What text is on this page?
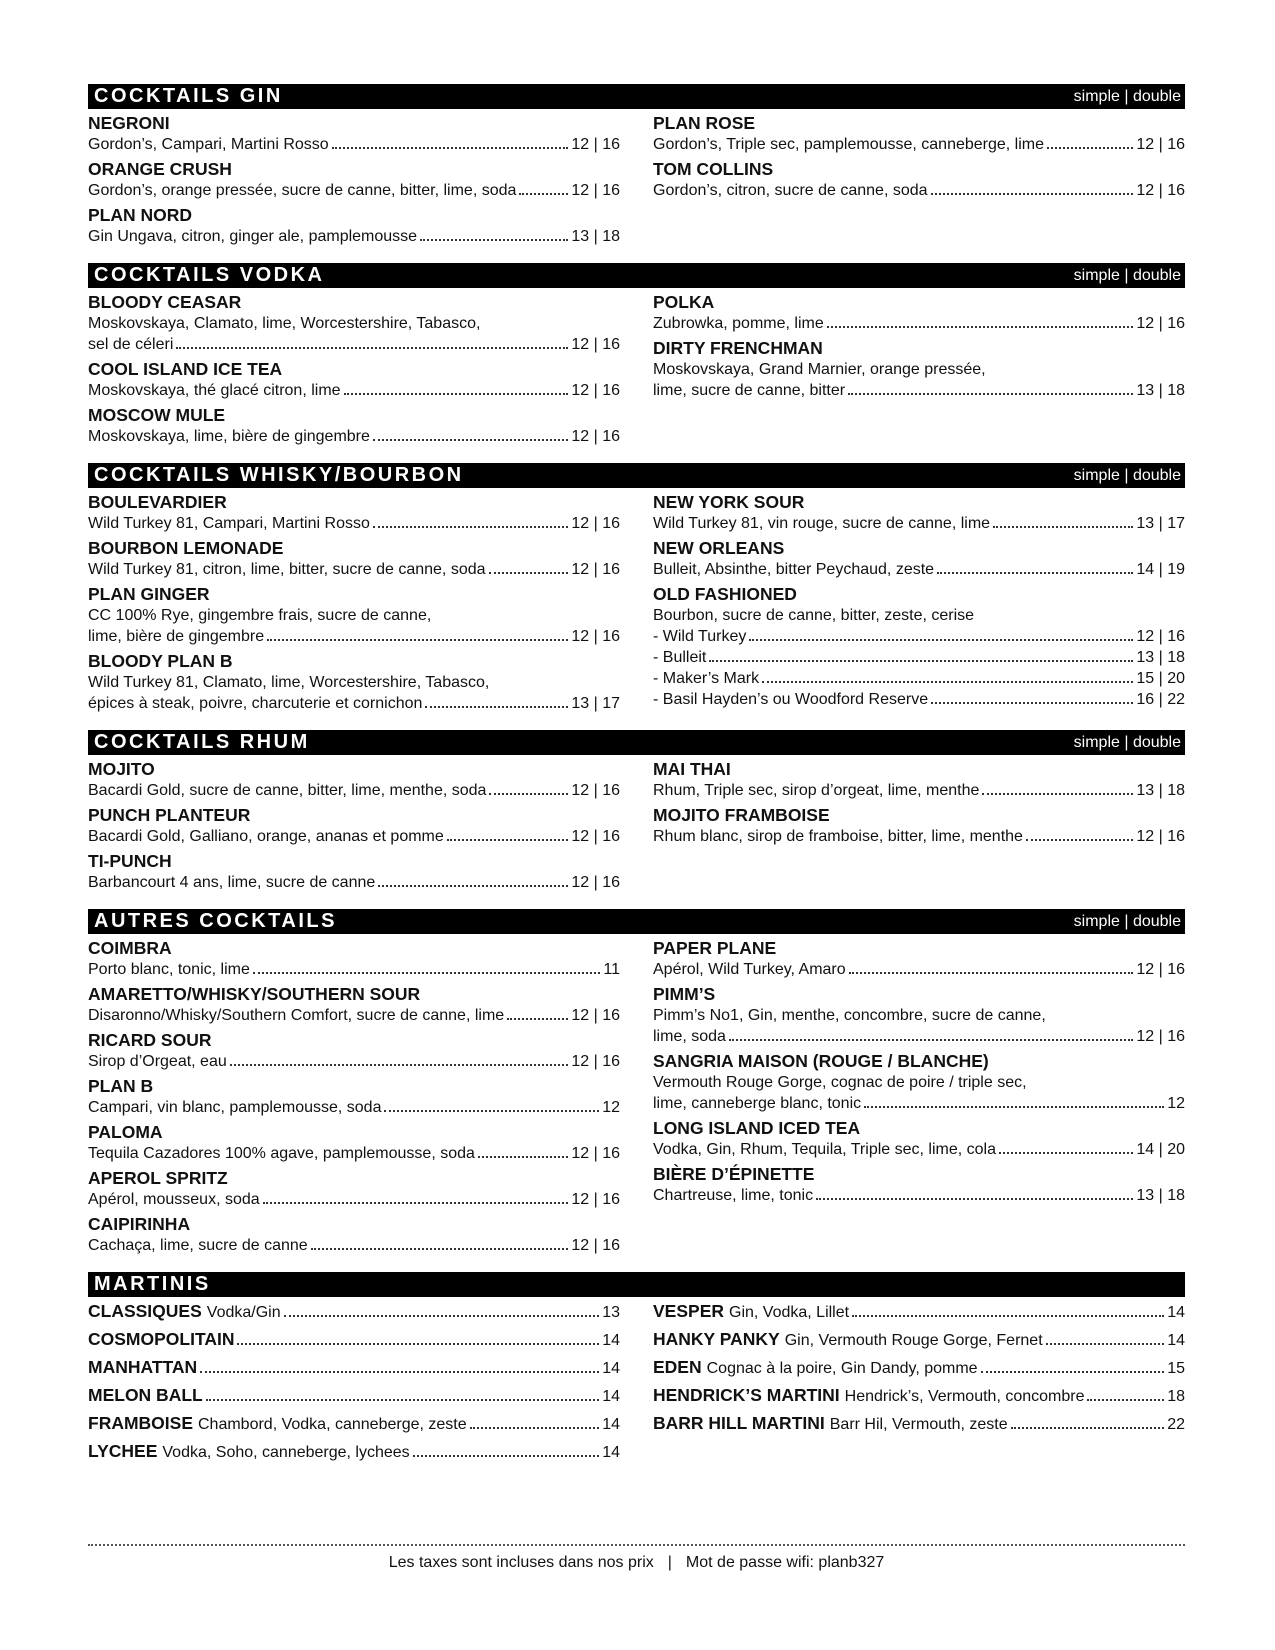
COCKTAILS GIN	simple | double
NEGRONI
Gordon’s, Campari, Martini Rosso	12 | 16
ORANGE CRUSH
Gordon’s, orange pressée, sucre de canne, bitter, lime, soda	12 | 16
PLAN NORD
Gin Ungava, citron, ginger ale, pamplemousse	13 | 18
PLAN ROSE
Gordon’s, Triple sec, pamplemousse, canneberge, lime	12 | 16
TOM COLLINS
Gordon’s, citron, sucre de canne, soda	12 | 16
COCKTAILS VODKA	simple | double
BLOODY CEASAR
Moskovskaya, Clamato, lime, Worcestershire, Tabasco,
sel de céleri	12 | 16
COOL ISLAND ICE TEA
Moskovskaya, thé glacé citron, lime	12 | 16
MOSCOW MULE
Moskovskaya, lime, bière de gingembre	12 | 16
POLKA
Zubrowka, pomme, lime	12 | 16
DIRTY FRENCHMAN
Moskovskaya, Grand Marnier, orange pressée,
lime, sucre de canne, bitter	13 | 18
COCKTAILS WHISKY/BOURBON	simple | double
BOULEVARDIER
Wild Turkey 81, Campari, Martini Rosso	12 | 16
BOURBON LEMONADE
Wild Turkey 81, citron, lime, bitter, sucre de canne, soda	12 | 16
PLAN GINGER
CC 100% Rye, gingembre frais, sucre de canne,
lime, bière de gingembre	12 | 16
BLOODY PLAN B
Wild Turkey 81, Clamato, lime, Worcestershire, Tabasco,
épices à steak, poivre, charcuterie et cornichon	13 | 17
NEW YORK SOUR
Wild Turkey 81, vin rouge, sucre de canne, lime	13 | 17
NEW ORLEANS
Bulleit, Absinthe, bitter Peychaud, zeste	14 | 19
OLD FASHIONED
Bourbon, sucre de canne, bitter, zeste, cerise
- Wild Turkey	12 | 16
- Bulleit	13 | 18
- Maker’s Mark	15 | 20
- Basil Hayden’s ou Woodford Reserve	16 | 22
COCKTAILS RHUM	simple | double
MOJITO
Bacardi Gold, sucre de canne, bitter, lime, menthe, soda	12 | 16
PUNCH PLANTEUR
Bacardi Gold, Galliano, orange, ananas et pomme	12 | 16
TI-PUNCH
Barbancourt 4 ans, lime, sucre de canne	12 | 16
MAI THAI
Rhum, Triple sec, sirop d’orgeat, lime, menthe	13 | 18
MOJITO FRAMBOISE
Rhum blanc, sirop de framboise, bitter, lime, menthe	12 | 16
AUTRES COCKTAILS	simple | double
COIMBRA
Porto blanc, tonic, lime	11
AMARETTO/WHISKY/SOUTHERN SOUR
Disaronno/Whisky/Southern Comfort, sucre de canne, lime	12 | 16
RICARD SOUR
Sirop d’Orgeat, eau	12 | 16
PLAN B
Campari, vin blanc, pamplemousse, soda	12
PALOMA
Tequila Cazadores 100% agave, pamplemousse, soda	12 | 16
APEROL SPRITZ
Apérol, mousseux, soda	12 | 16
CAIPIRINHA
Cachaça, lime, sucre de canne	12 | 16
PAPER PLANE
Apérol, Wild Turkey, Amaro	12 | 16
PIMM’S
Pimm’s No1, Gin, menthe, concombre, sucre de canne,
lime, soda	12 | 16
SANGRIA MAISON (ROUGE / BLANCHE)
Vermouth Rouge Gorge, cognac de poire / triple sec,
lime, canneberge blanc, tonic	12
LONG ISLAND ICED TEA
Vodka, Gin, Rhum, Tequila, Triple sec, lime, cola	14 | 20
BIÈRE D’ÉPINETTE
Chartreuse, lime, tonic	13 | 18
MARTINIS
CLASSIQUES Vodka/Gin	13
COSMOPOLITAIN	14
MANHATTAN	14
MELON BALL	14
FRAMBOISE Chambord, Vodka, canneberge, zeste	14
LYCHEE Vodka, Soho, canneberge, lychees	14
VESPER Gin, Vodka, Lillet	14
HANKY PANKY Gin, Vermouth Rouge Gorge, Fernet	14
EDEN Cognac à la poire, Gin Dandy, pomme	15
HENDRICK’S MARTINI Hendrick’s, Vermouth, concombre	18
BARR HILL MARTINI Barr Hil, Vermouth, zeste	22
Les taxes sont incluses dans nos prix | Mot de passe wifi: planb327
